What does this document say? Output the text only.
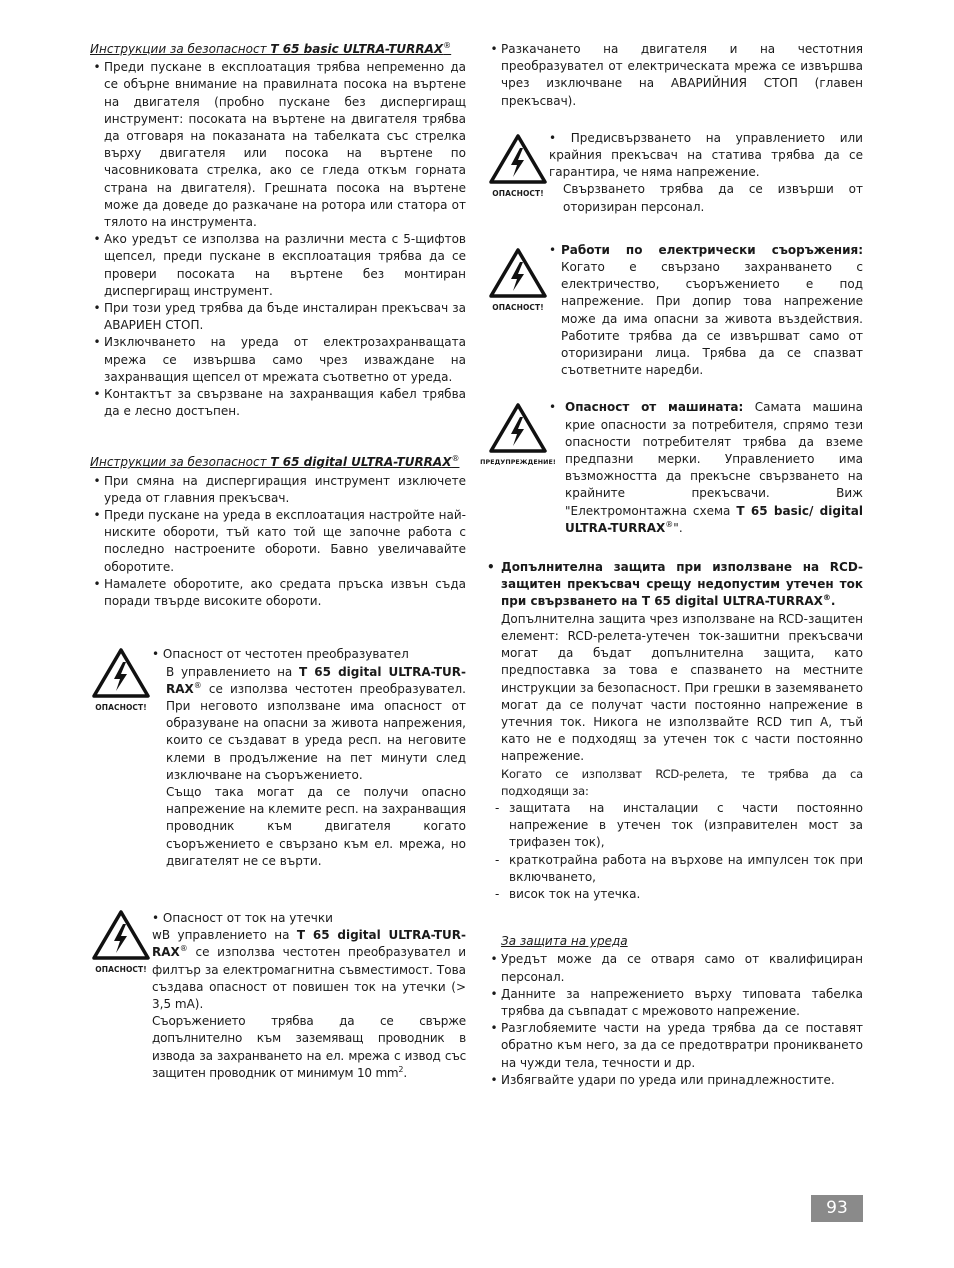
Инструкции за безопасност T 65 basic ULTRA-TURRAX®
• Преди пускане в експлоатация трябва непременно да се обърне внимание на правилната посока на въртене на двигателя (пробно пускане без диспергиращ инструмент: посоката на въртене на двигателя трябва да отговаря на показаната на табелката със стрелка върху двигателя или посока на въртене по часовниковата стрелка, ако се гледа откъм горната страна на двигателя). Грешната посока на въртене може да доведе до разкачане на ротора или статора от тялото на инструмента.
• Ако уредът се използва на различни места с 5-щифтов щепсел, преди пускане в експлоатация трябва да се провери посоката на въртене без монтиран диспергиращ инструмент.
• При този уред трябва да бъде инсталиран прекъсвач за АВАРИЕН СТОП.
• Изключването на уреда от електрозахранващата мрежа се извършва само чрез изваждане на захранващия щепсел от мрежата съответно от уреда.
• Контактът за свързване на захранващия кабел трябва да е лесно достъпен.
Инструкции за безопасност T 65 digital ULTRA-TURRAX®
• При смяна на диспергиращия инструмент изключете уреда от главния прекъсвач.
• Преди пускане на уреда в експлоатация настройте най-ниските обороти, тъй като той ще започне работа с последно настроените обороти. Бавно увеличавайте оборотите.
• Намалете оборотите, ако средата пръска извън съда поради твърде високите обороти.
ОПАСНОСТ!
• Опасност от честотен преобразувател
В управлението на T 65 digital ULTRA-TUR-RAX® се използва честотен преобразувател. При неговото използване има опасност от образуване на опасни за живота напрежения, които се създават в уреда респ. на неговите клеми в продължение на пет минути след изключване на съоръжението.
Също така могат да се получи опасно напрежение на клемите респ. на захранващия проводник към двигателя когато съоръжението е свързано към ел. мрежа, но двигателят не се върти.
ОПАСНОСТ!
• Опасност от ток на утечки
wВ управлението на T 65 digital ULTRA-TUR-RAX® се използва честотен преобразувател и филтър за електромагнитна съвместимост. Това създава опасност от повишен ток на утечки (> 3,5 mA).
Съоръжението трябва да се свърже допълнително към заземяващ проводник в извода за захранването на ел. мрежа с извод със защитен проводник от минимум 10 $mm^2$.
• Разкачането на двигателя и на честотния преобразувател от електрическата мрежа се извършва чрез изключване на АВАРИЙНИЯ СТОП (главен прекъсвач).
ОПАСНОСТ!
• Предисвързването на управлението или крайния прекъсвач на статива трябва да се гарантира, че няма напрежение.
Свързването трябва да се извърши от оторизиран персонал.
ОПАСНОСТ!
• Работи по електрически съоръжения: Когато е свързано захранването с електричество, съоръжението е под напрежение. При допир това напрежение може да има опасни за живота въздействия. Работите трябва да се извършват само от оторизирани лица. Трябва да се спазват съответните наредби.
ПРЕДУПРЕЖДЕНИЕ!
• Опасност от машината: Самата машина крие опасности за потребителя, спрямо тези опасности потребителят трябва да вземе предпазни мерки. Управлението има възможността да прекъсне свързването на крайните прекъсвачи. Виж "Електромонтажна схема T 65 basic/ digital ULTRA-TURRAX®".
• Допълнителна защита при използване на RCD-защитен прекъсвач срещу недопустим утечен ток при свързването на T 65 digital ULTRA-TURRAX®.
Допълнителна защита чрез използване на RCD-защитен елемент: RCD-релета-утечен ток-зашитни прекъсвачи могат да бъдат допълнителна защита, като предпоставка за това е спазването на местните инструкции за безопасност. При грешки в заземяването могат да се получат части постоянно напрежение в утечния ток. Никога не използвайте RCD тип А, тъй като не е подходящ за утечен ток с части постоянно напрежение.
Когато се използват RCD-релета, те трябва да са подходящи за:
- защитата на инсталации с части постоянно напрежение в утечен ток (изправителен мост за трифазен ток),
- краткотрайна работа на върхове на импулсен ток при включването,
- висок ток на утечка.
За защита на уреда
• Уредът може да се отваря само от квалифициран персонал.
• Данните за напрежението върху типовата табелка трябва да съвпадат с мрежовото напрежение.
• Разглобяемите части на уреда трябва да се поставят обратно към него, за да се предотвратри проникването на чужди тела, течности и др.
• Избягвайте удари по уреда или принадлежностите.
93
